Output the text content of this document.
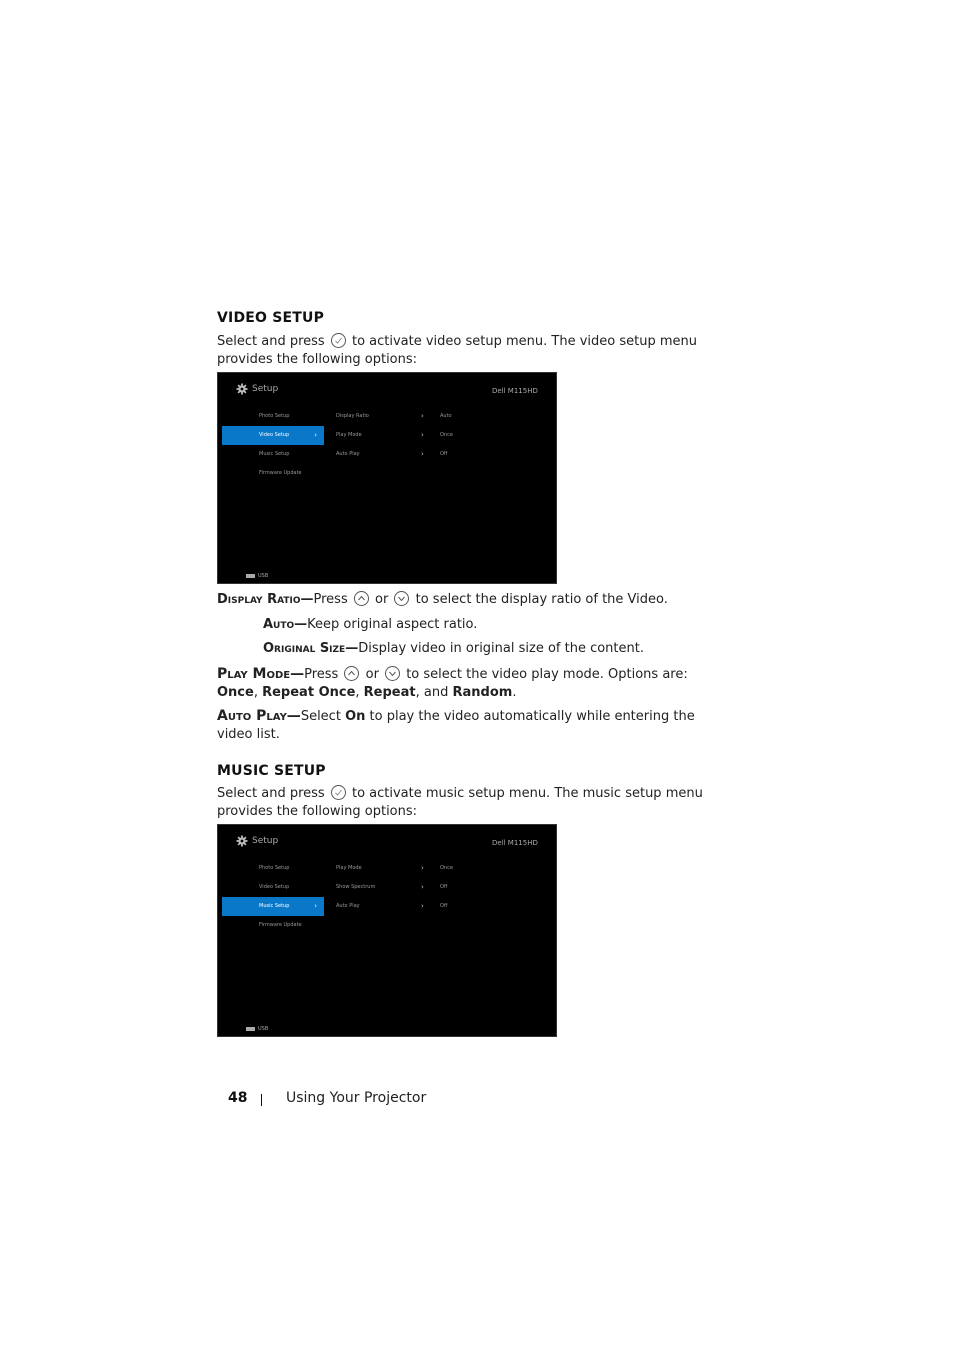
VIDEO SETUP
Select and press to activate video setup menu. The video setup menu
provides the following options:
Setup	Dell M115HD
Photo Setup	Display Ratio	›	Auto
Video Setup	›	Play Mode	›	Once
Music Setup	Auto Play	›	Off
Firmware Update
USB
Display Ratio—Press or to select the display ratio of the Video.
Auto—Keep original aspect ratio.
Original Size—Display video in original size of the content.
Play Mode—Press or to select the video play mode. Options are:
Once, Repeat Once, Repeat, and Random.
Auto Play—Select On to play the video automatically while entering the
video list.
MUSIC SETUP
Select and press to activate music setup menu. The music setup menu
provides the following options:
Setup	Dell M115HD
Photo Setup	Play Mode	›	Once
Video Setup	Show Spectrum	›	Off
Music Setup	›	Auto Play	›	Off
Firmware Update
USB
48	Using Your Projector
